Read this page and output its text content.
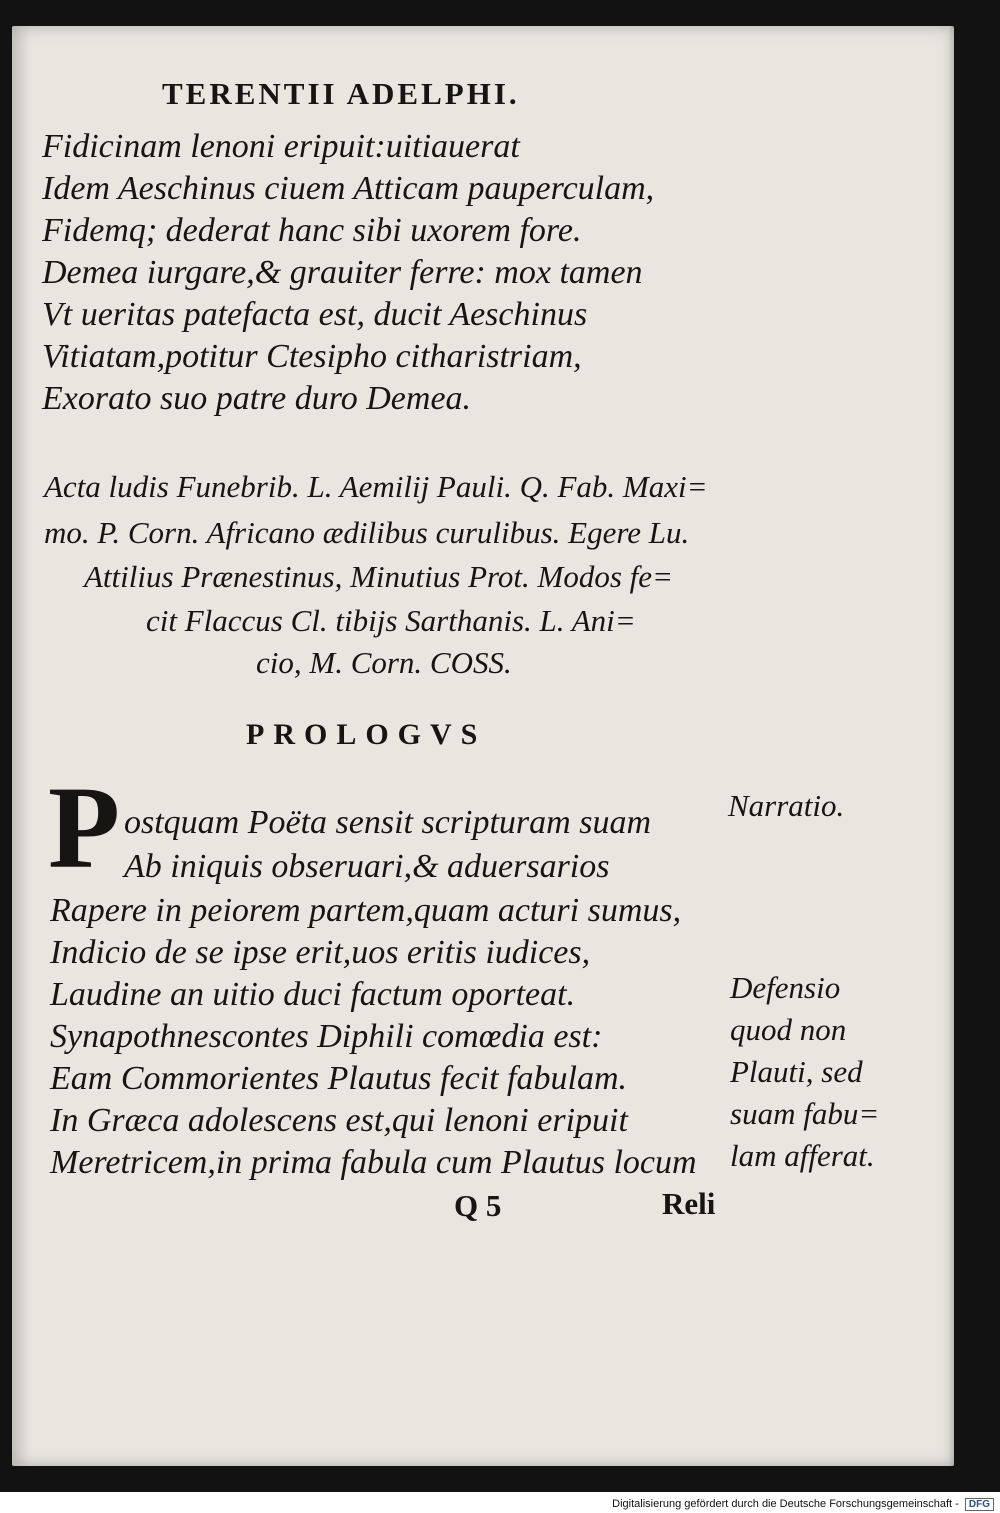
TERENTII ADELPHI.
Fidicinam lenoni eripuit:uitiauerat
Idem Aeschinus ciuem Atticam pauperculam,
Fidemq; dederat hanc sibi uxorem fore.
Demea iurgare,& grauiter ferre: mox tamen
Vt ueritas patefacta est, ducit Aeschinus
Vitiatam,potitur Ctesipho citharistriam,
Exorato suo patre duro Demea.
Acta ludis Funebrib. L. Aemilij Pauli. Q. Fab. Maxi=
mo. P. Corn. Africano ædilibus curulibus. Egere Lu.
Attilius Prænestinus, Minutius Prot. Modos fe=
cit Flaccus Cl. tibijs Sarthanis. L. Ani=
cio, M. Corn. COSS.
PROLOGVS
P ostquam Poëta sensit scripturam suam
Ab iniquis obseruari,& aduersarios
Rapere in peiorem partem,quam acturi sumus,
Indicio de se ipse erit,uos eritis iudices,
Laudine an uitio duci factum oporteat.
Synapothnescontes Diphili comœdia est:
Eam Commorientes Plautus fecit fabulam.
In Græca adolescens est,qui lenoni eripuit
Meretricem,in prima fabula cum Plautus locum
Narratio.
Defensio
quod non
Plauti, sed
suam fabu=
lam afferat.
Q 5	Reli
Digitalisierung gefördert durch die Deutsche Forschungsgemeinschaft - DFG
